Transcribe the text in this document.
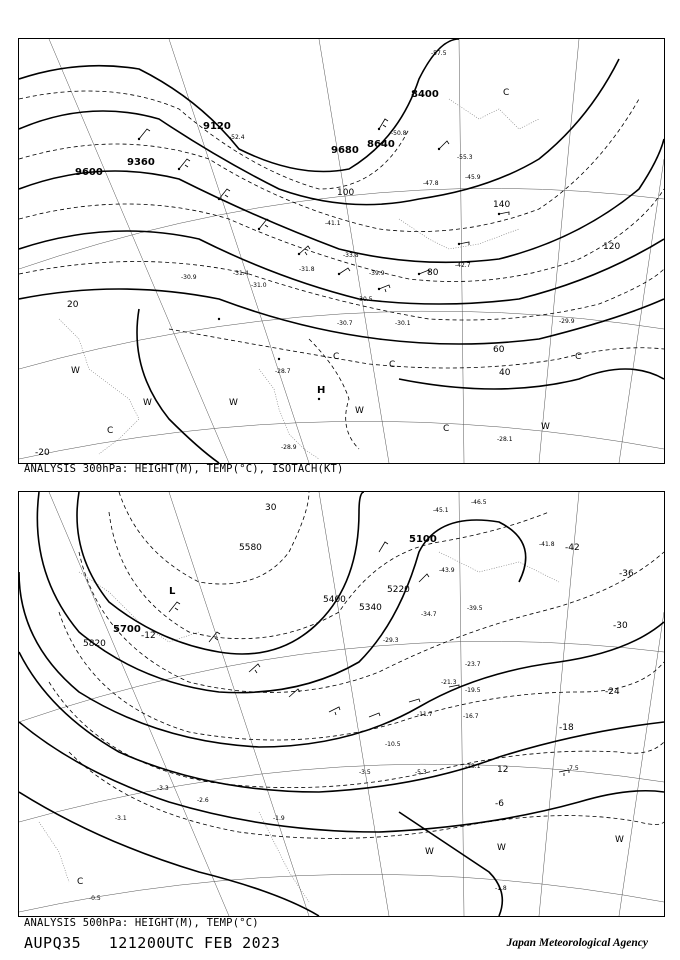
8400
8640
9120
9360
9600
9680
20
40
60
80
100
120
140
-57.5
-55.3
-52.4
-50.8
-47.8
-45.9
-42.7
-41.1
-39.9
-33.8
-31.8
-31.4
-31.0
-30.9
-30.7
-30.5
-30.1	-29.9
-28.9
-28.7
-28.1
-20
C
C
C
C
C
C
H
W
W	W
W
W
ANALYSIS 300hPa: HEIGHT(M), TEMP(°C), ISOTACH(KT)
5100
5220
5340
5400
5580
5700
5820
-42
-36
-30
-24
-18
-12
-6
30
12
-46.5
-45.1
-43.9
-41.8
-39.5
-34.7
-29.3
-23.7
-21.3
-19.5
-16.7
-13.1
-11.7
-10.5
-7.5
-5.3
-3.5
-3.3
-3.1
-2.6
-1.9
-1.8
-0.5
L
C
W	W
W
ANALYSIS 500hPa: HEIGHT(M), TEMP(°C)
AUPQ35 121200UTC FEB 2023	Japan Meteorological Agency
